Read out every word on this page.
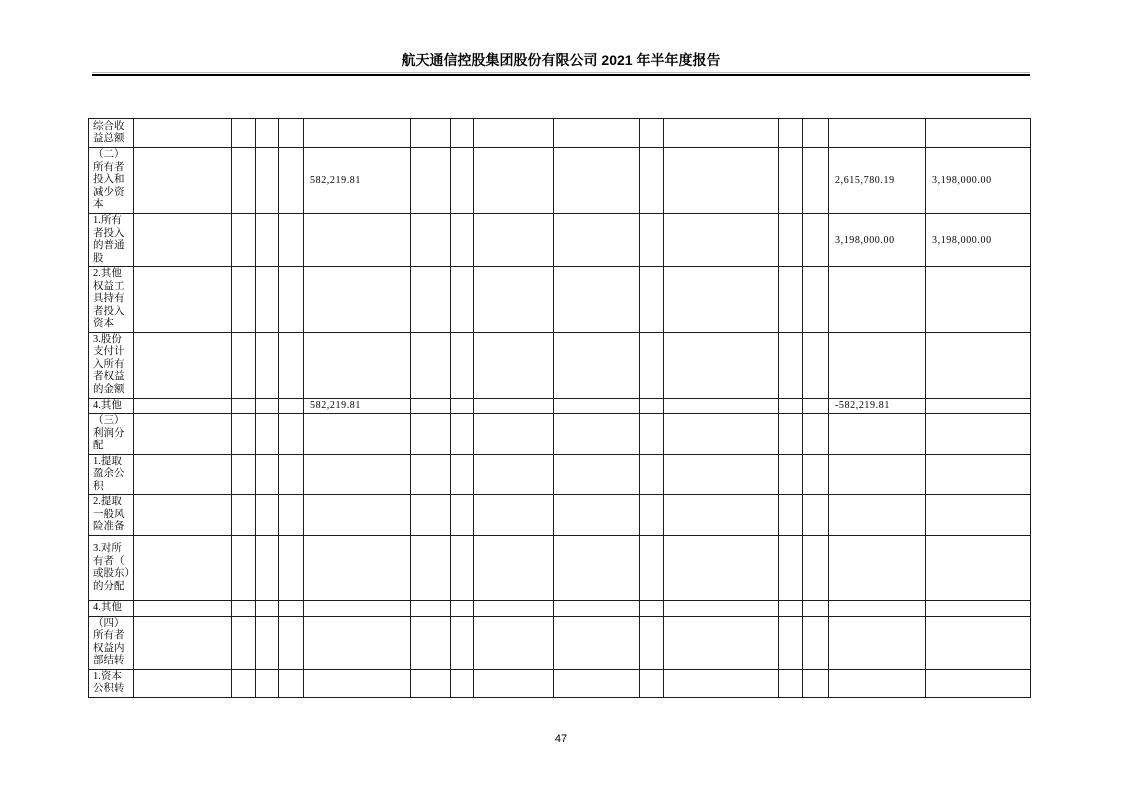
航天通信控股集团股份有限公司 2021 年半年度报告
综合收益总额															
（二）所有者投入和减少资本					582,219.81									2,615,780.19	3,198,000.00
1.所有者投入的普通股														3,198,000.00	3,198,000.00
2.其他权益工具持有者投入资本															
3.股份支付计入所有者权益的金额															
4.其他					582,219.81									-582,219.81	
（三）利润分配															
1.提取盈余公积															
2.提取一般风险准备															
3.对所有者（或股东）的分配															
4.其他															
（四）所有者权益内部结转															
1.资本公积转															
47
